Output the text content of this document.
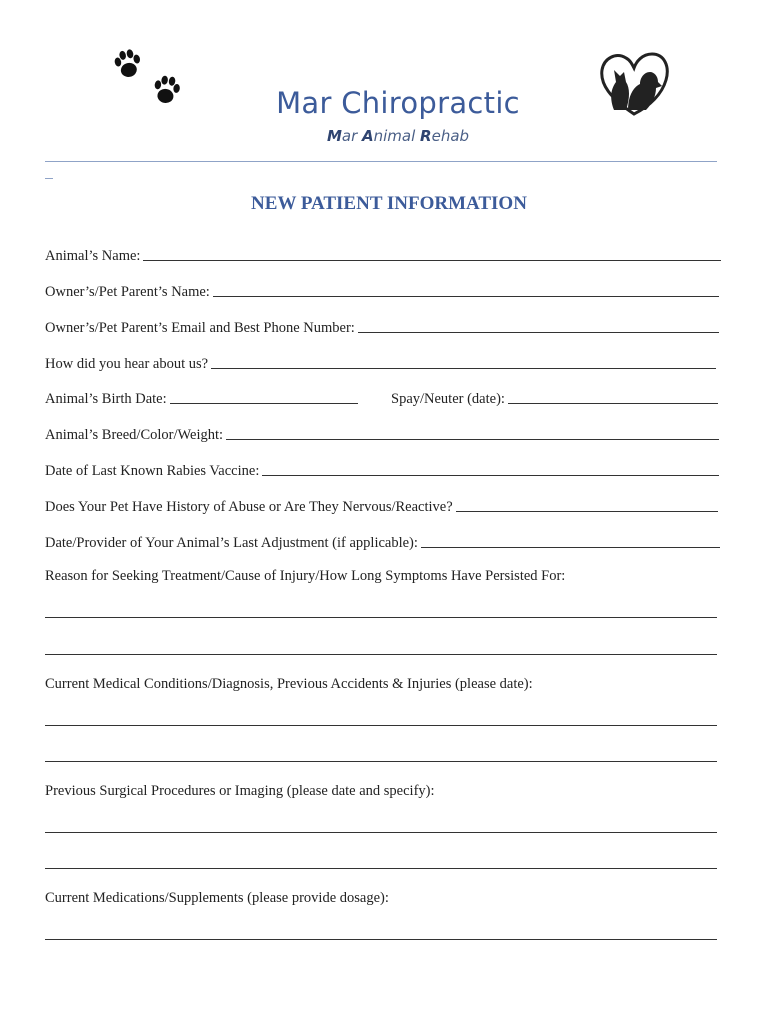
Mar Chiropractic
Mar Animal Rehab
NEW PATIENT INFORMATION
Animal’s Name:
Owner’s/Pet Parent’s Name:
Owner’s/Pet Parent’s Email and Best Phone Number:
How did you hear about us?
Animal’s Birth Date:	Spay/Neuter (date):
Animal’s Breed/Color/Weight:
Date of Last Known Rabies Vaccine:
Does Your Pet Have History of Abuse or Are They Nervous/Reactive?
Date/Provider of Your Animal’s Last Adjustment (if applicable):
Reason for Seeking Treatment/Cause of Injury/How Long Symptoms Have Persisted For:
Current Medical Conditions/Diagnosis, Previous Accidents & Injuries (please date):
Previous Surgical Procedures or Imaging (please date and specify):
Current Medications/Supplements (please provide dosage):
